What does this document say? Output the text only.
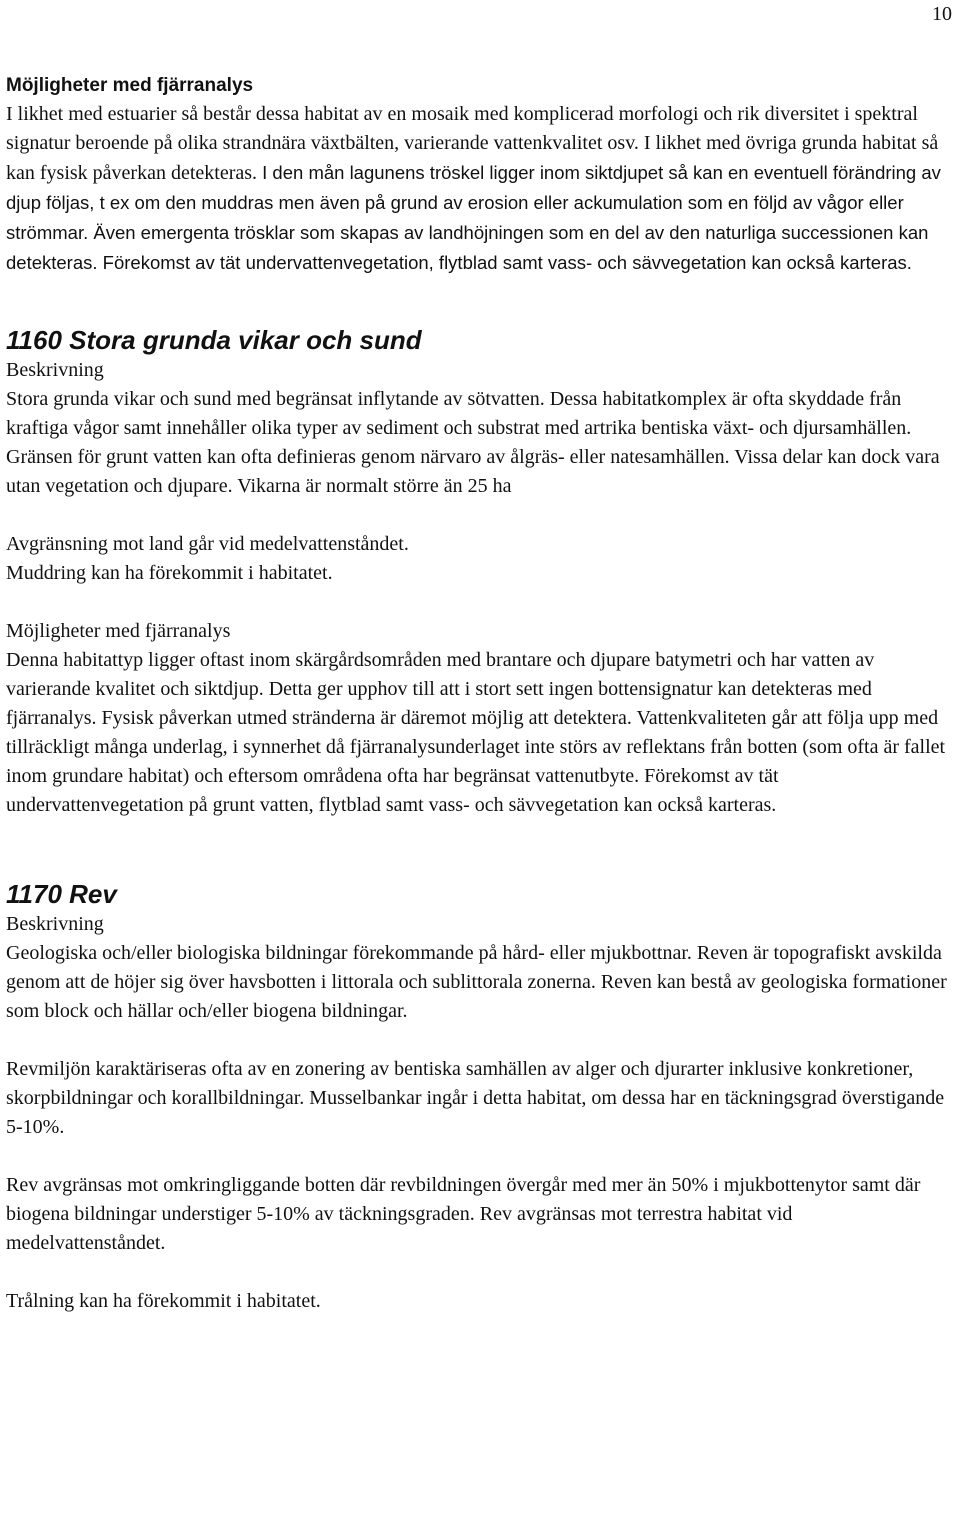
10
Möjligheter med fjärranalys

I likhet med estuarier så består dessa habitat av en mosaik med komplicerad morfologi och rik diversitet i spektral signatur beroende på olika strandnära växtbälten, varierande vattenkvalitet osv. I likhet med övriga grunda habitat så kan fysisk påverkan detekteras. I den mån lagunens tröskel ligger inom siktdjupet så kan en eventuell förändring av djup följas, t ex om den muddras men även på grund av erosion eller ackumulation som en följd av vågor eller strömmar. Även emergenta trösklar som skapas av landhöjningen som en del av den naturliga successionen kan detekteras. Förekomst av tät undervattenvegetation, flytblad samt vass- och sävvegetation kan också karteras.

1160 Stora grunda vikar och sund
Beskrivning

Stora grunda vikar och sund med begränsat inflytande av sötvatten. Dessa habitatkomplex är ofta skyddade från kraftiga vågor samt innehåller olika typer av sediment och substrat med artrika bentiska växt- och djursamhällen. Gränsen för grunt vatten kan ofta definieras genom närvaro av ålgräs- eller natesamhällen. Vissa delar kan dock vara utan vegetation och djupare. Vikarna är normalt större än 25 ha

Avgränsning mot land går vid medelvattenståndet.
Muddring kan ha förekommit i habitatet.
Möjligheter med fjärranalys

Denna habitattyp ligger oftast inom skärgårdsområden med brantare och djupare batymetri och har vatten av varierande kvalitet och siktdjup. Detta ger upphov till att i stort sett ingen bottensignatur kan detekteras med fjärranalys. Fysisk påverkan utmed stränderna är däremot möjlig att detektera. Vattenkvaliteten går att följa upp med tillräckligt många underlag, i synnerhet då fjärranalysunderlaget inte störs av reflektans från botten (som ofta är fallet inom grundare habitat) och eftersom områdena ofta har begränsat vattenutbyte. Förekomst av tät undervattenvegetation på grunt vatten, flytblad samt vass- och sävvegetation kan också karteras.

1170 Rev
Beskrivning

Geologiska och/eller biologiska bildningar förekommande på hård- eller mjukbottnar. Reven är topografiskt avskilda genom att de höjer sig över havsbotten i littorala och sublittorala zonerna. Reven kan bestå av geologiska formationer som block och hällar och/eller biogena bildningar.

Revmiljön karaktäriseras ofta av en zonering av bentiska samhällen av alger och djurarter inklusive konkretioner, skorpbildningar och korallbildningar. Musselbankar ingår i detta habitat, om dessa har en täckningsgrad överstigande 5-10%.

Rev avgränsas mot omkringliggande botten där revbildningen övergår med mer än 50% i mjukbottenytor samt där biogena bildningar understiger 5-10% av täckningsgraden. Rev avgränsas mot terrestra habitat vid medelvattenståndet.

Trålning kan ha förekommit i habitatet.
